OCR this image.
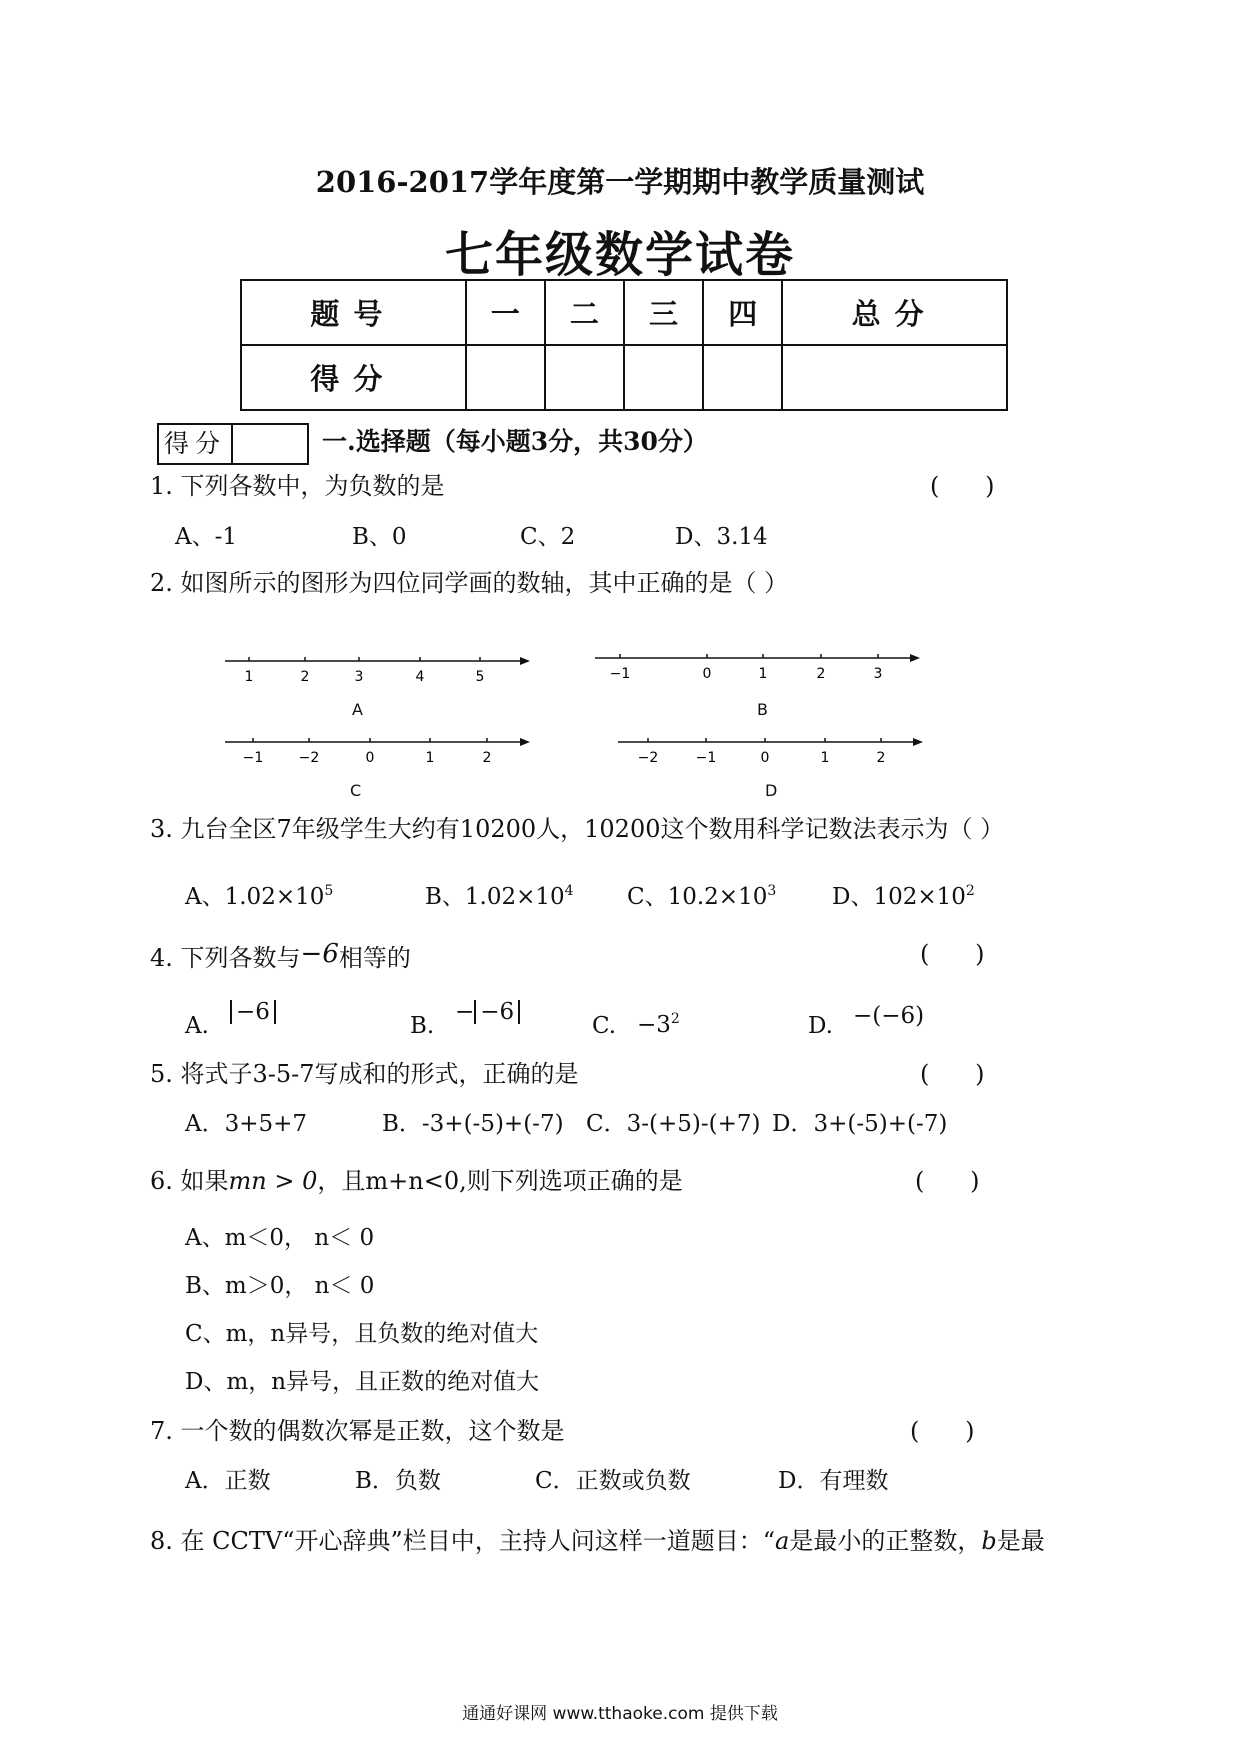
2016-2017学年度第一学期期中教学质量测试
七年级数学试卷
题号	一	二	三	四	总分
得分					
得分	一.选择题（每小题3分，共30分）
1. 下列各数中，为负数的是	(      )
A、-1	B、0	C、2	D、3.14
2. 如图所示的图形为四位同学画的数轴，其中正确的是（ ）
1	2	3	4	5
A
−1	0	1	2	3
B
−1	−2	0	1	2
C
−2	−1	0	1	2
D
3. 九台全区7年级学生大约有10200人，10200这个数用科学记数法表示为（ ）
A、$1.02\times 10^5$	B、$1.02\times 10^4$ C、$10.2\times 10^3$ D、$102\times 10^2$
4. 下列各数与−6相等的	(      )
A.
−6
B.
− −6
C. $-3^2$	D. −(−6)
5. 将式子3-5-7写成和的形式，正确的是	(      )
A．3+5+7	B．-3+(-5)+(-7) C．3-(+5)-(+7) D．3+(-5)+(-7)
6. 如果mn > 0，且m+n<0,则下列选项正确的是	(      )
A、m＜0， n＜ 0
B、m＞0， n＜ 0
C、m，n异号，且负数的绝对值大
D、m，n异号，且正数的绝对值大
7. 一个数的偶数次幂是正数，这个数是	(      )
A．正数	B．负数	C．正数或负数	D．有理数
8. 在 CCTV“开心辞典”栏目中，主持人问这样一道题目：“a是最小的正整数，b是最
通通好课网 www.tthaoke.com 提供下载
